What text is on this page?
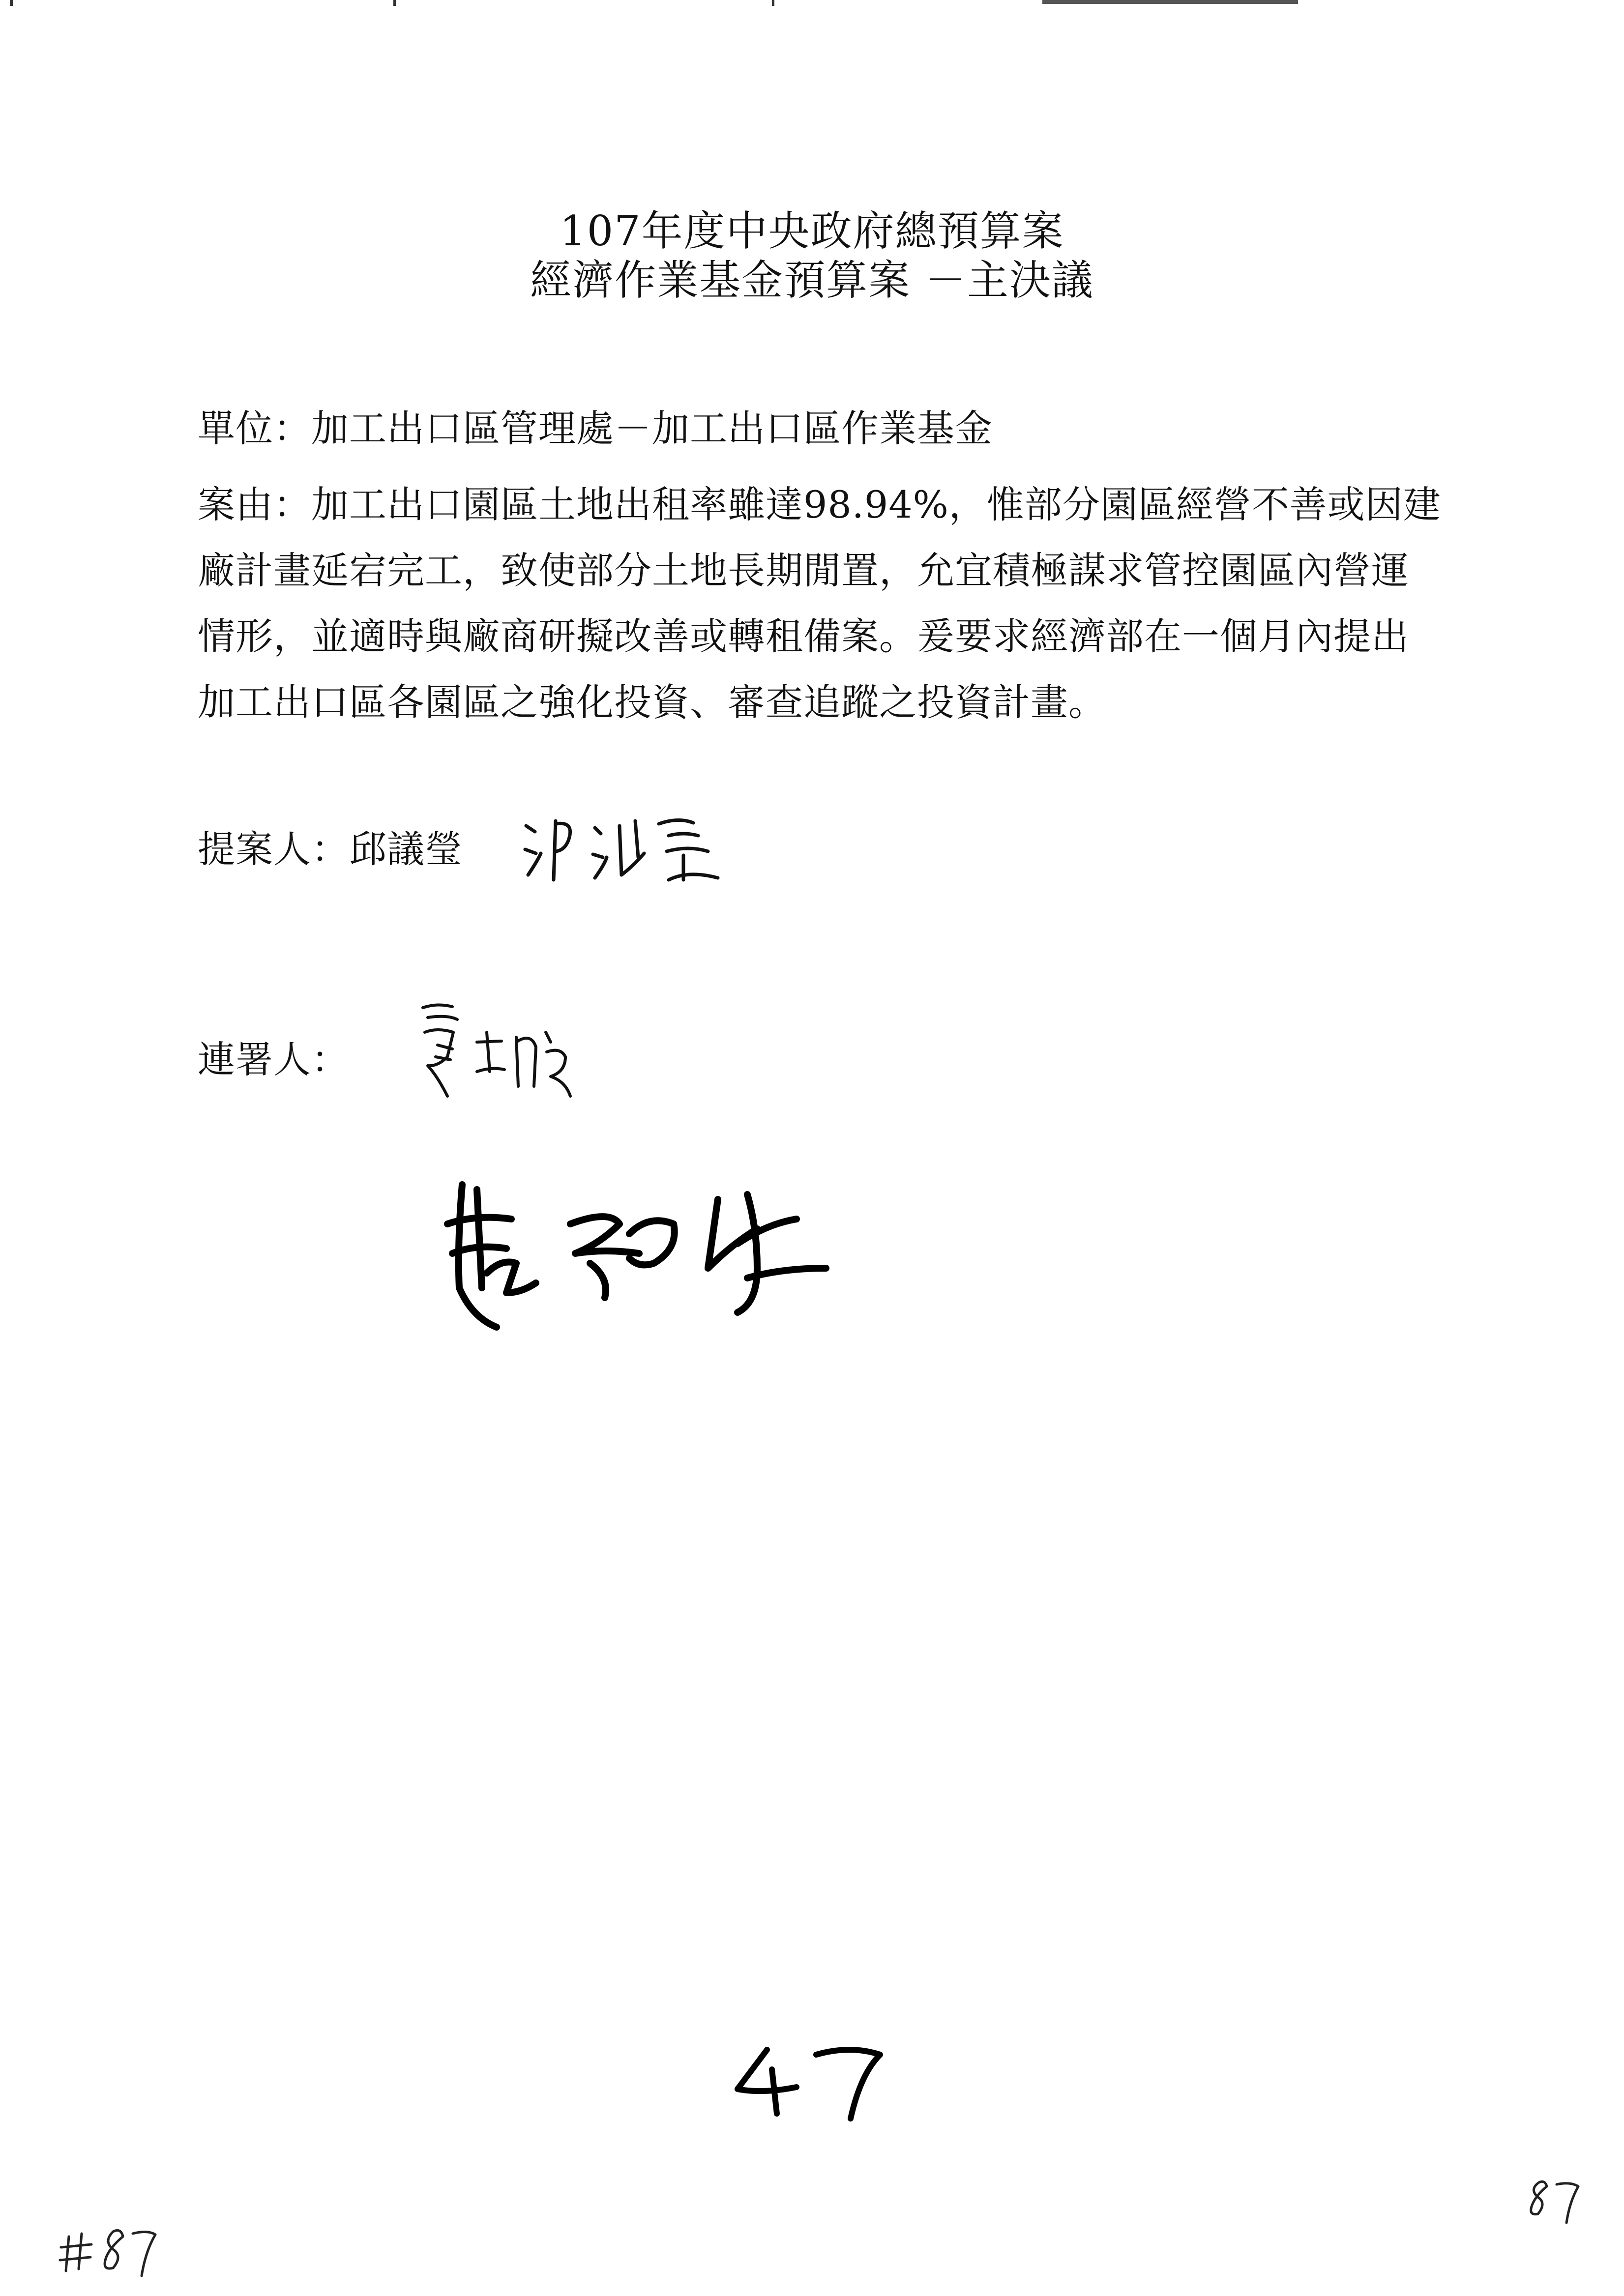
107年度中央政府總預算案
經濟作業基金預算案 －主決議
單位：加工出口區管理處－加工出口區作業基金
案由：加工出口園區土地出租率雖達98.94%，惟部分園區經營不善或因建
廠計畫延宕完工，致使部分土地長期閒置，允宜積極謀求管控園區內營運
情形，並適時與廠商研擬改善或轉租備案。爰要求經濟部在一個月內提出
加工出口區各園區之強化投資、審查追蹤之投資計畫。
提案人：邱議瑩
連署人：
